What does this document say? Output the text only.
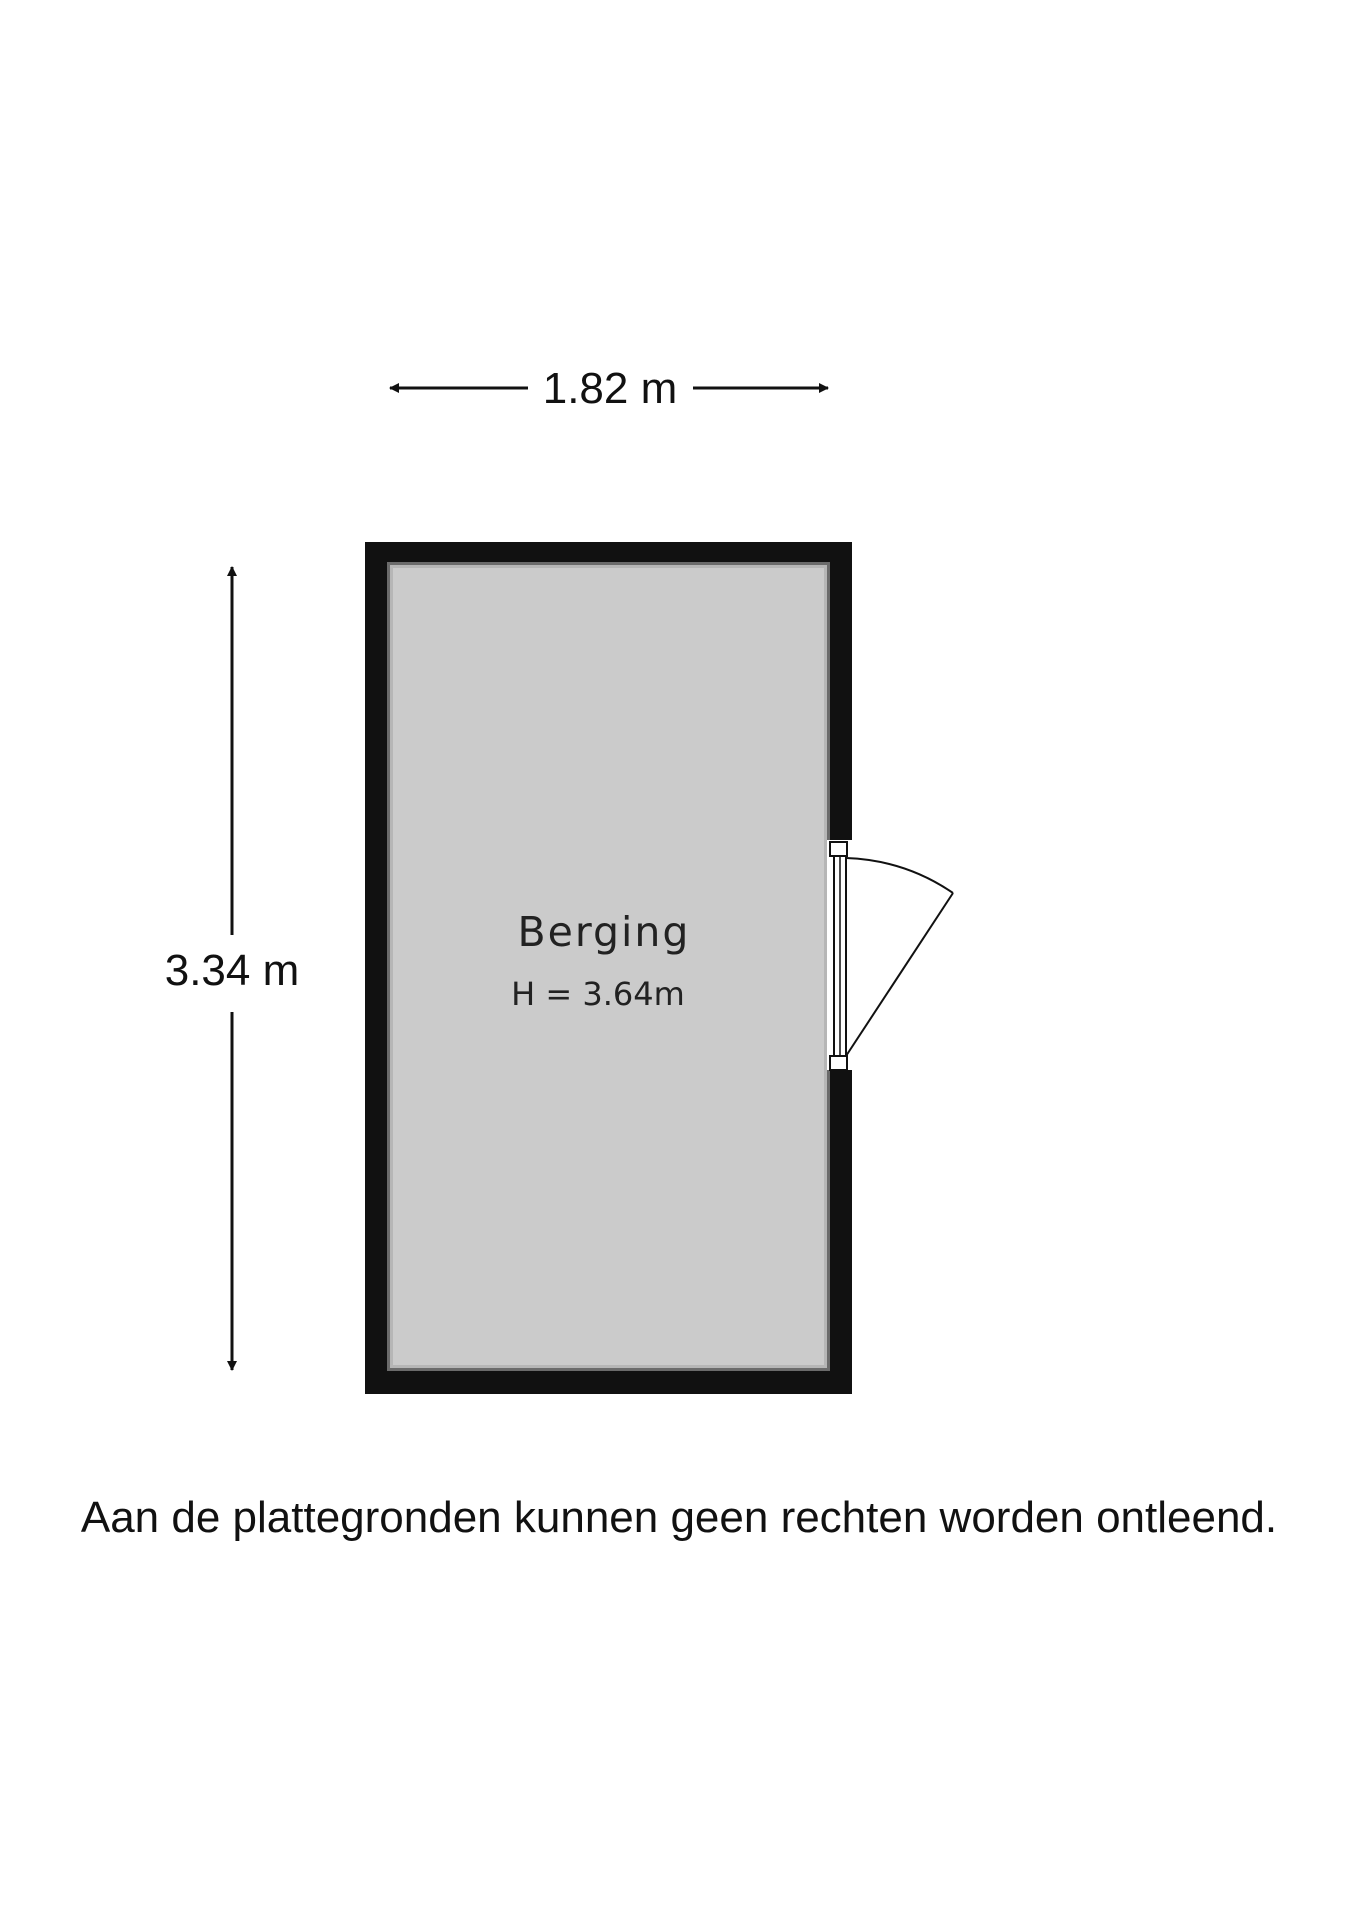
1.82 m
3.34 m
Berging
H = 3.64m
Aan de plattegronden kunnen geen rechten worden ontleend.
